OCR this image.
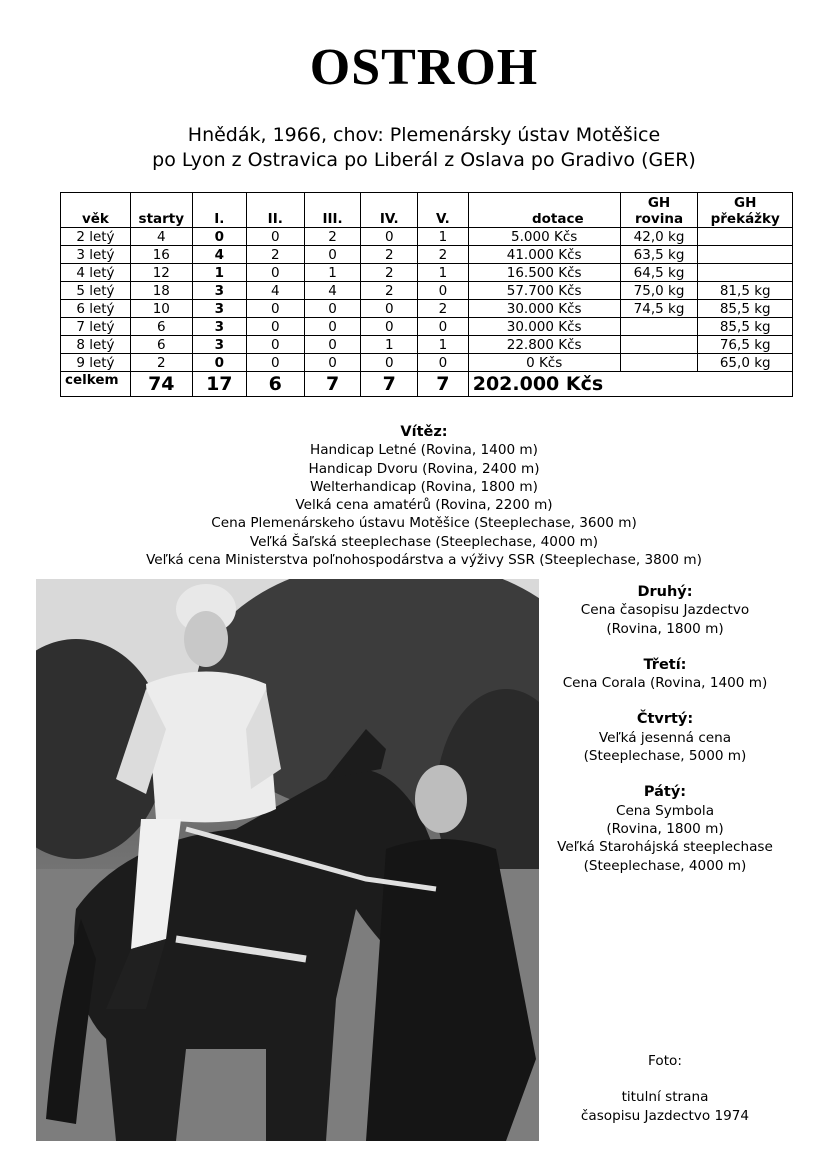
OSTROH
Hnědák, 1966, chov: Plemenársky ústav Motěšice
po Lyon z Ostravica po Liberál z Oslava po Gradivo (GER)
věk	starty	I.	II.	III.	IV.	V.	dotace	GH rovina	GH překážky
2 letý	4	0	0	2	0	1	5.000 Kčs	42,0 kg	
3 letý	16	4	2	0	2	2	41.000 Kčs	63,5 kg	
4 letý	12	1	0	1	2	1	16.500 Kčs	64,5 kg	
5 letý	18	3	4	4	2	0	57.700 Kčs	75,0 kg	81,5 kg
6 letý	10	3	0	0	0	2	30.000 Kčs	74,5 kg	85,5 kg
7 letý	6	3	0	0	0	0	30.000 Kčs		85,5 kg
8 letý	6	3	0	0	1	1	22.800 Kčs		76,5 kg
9 letý	2	0	0	0	0	0	0 Kčs		65,0 kg
celkem	74	17	6	7	7	7	202.000 Kčs		
Vítěz:
Handicap Letné (Rovina, 1400 m)
Handicap Dvoru (Rovina, 2400 m)
Welterhandicap (Rovina, 1800 m)
Velká cena amatérů (Rovina, 2200 m)
Cena Plemenárskeho ústavu Motěšice (Steeplechase, 3600 m)
Veľká Šaľská steeplechase (Steeplechase, 4000 m)
Veľká cena Ministerstva poľnohospodárstva a výživy SSR (Steeplechase, 3800 m)
Druhý:
Cena časopisu Jazdectvo
(Rovina, 1800 m)
Třetí:
Cena Corala (Rovina, 1400 m)
Čtvrtý:
Veľká jesenná cena
(Steeplechase, 5000 m)
Pátý:
Cena Symbola
(Rovina, 1800 m)
Veľká Starohájská steeplechase
(Steeplechase, 4000 m)
Foto:
titulní strana
časopisu Jazdectvo 1974
